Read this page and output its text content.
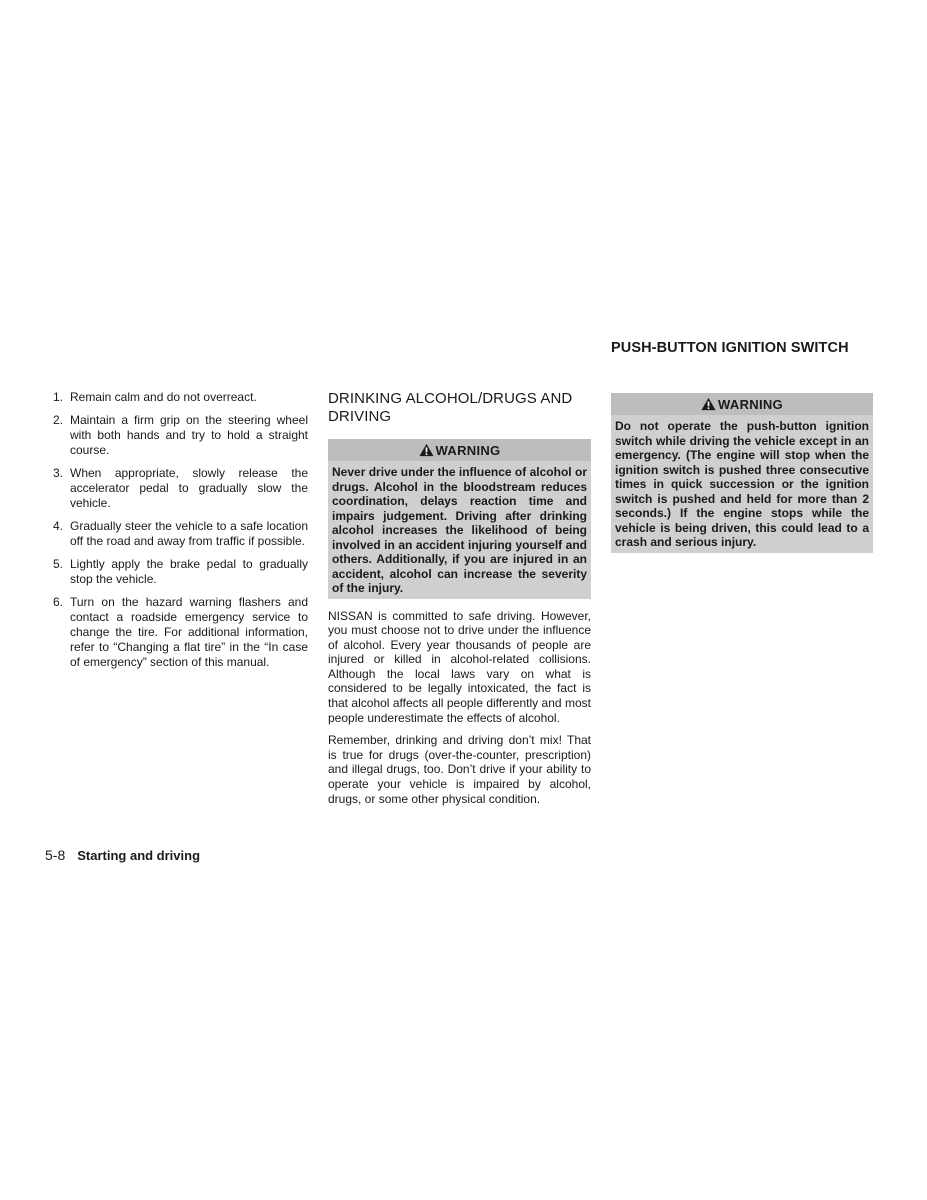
PUSH-BUTTON IGNITION SWITCH
1. Remain calm and do not overreact.
2. Maintain a firm grip on the steering wheel with both hands and try to hold a straight course.
3. When appropriate, slowly release the accelerator pedal to gradually slow the vehicle.
4. Gradually steer the vehicle to a safe location off the road and away from traffic if possible.
5. Lightly apply the brake pedal to gradually stop the vehicle.
6. Turn on the hazard warning flashers and contact a roadside emergency service to change the tire. For additional information, refer to “Changing a flat tire” in the “In case of emergency” section of this manual.
DRINKING ALCOHOL/DRUGS AND DRIVING
WARNING
Never drive under the influence of alcohol or drugs. Alcohol in the bloodstream reduces coordination, delays reaction time and impairs judgement. Driving after drinking alcohol increases the likelihood of being involved in an accident injuring yourself and others. Additionally, if you are injured in an accident, alcohol can increase the severity of the injury.

NISSAN is committed to safe driving. However, you must choose not to drive under the influence of alcohol. Every year thousands of people are injured or killed in alcohol-related collisions. Although the local laws vary on what is considered to be legally intoxicated, the fact is that alcohol affects all people differently and most people underestimate the effects of alcohol.

Remember, drinking and driving don’t mix! That is true for drugs (over-the-counter, prescription) and illegal drugs, too. Don’t drive if your ability to operate your vehicle is impaired by alcohol, drugs, or some other physical condition.

WARNING
Do not operate the push-button ignition switch while driving the vehicle except in an emergency. (The engine will stop when the ignition switch is pushed three consecutive times in quick succession or the ignition switch is pushed and held for more than 2 seconds.) If the engine stops while the vehicle is being driven, this could lead to a crash and serious injury.
5-8 Starting and driving
